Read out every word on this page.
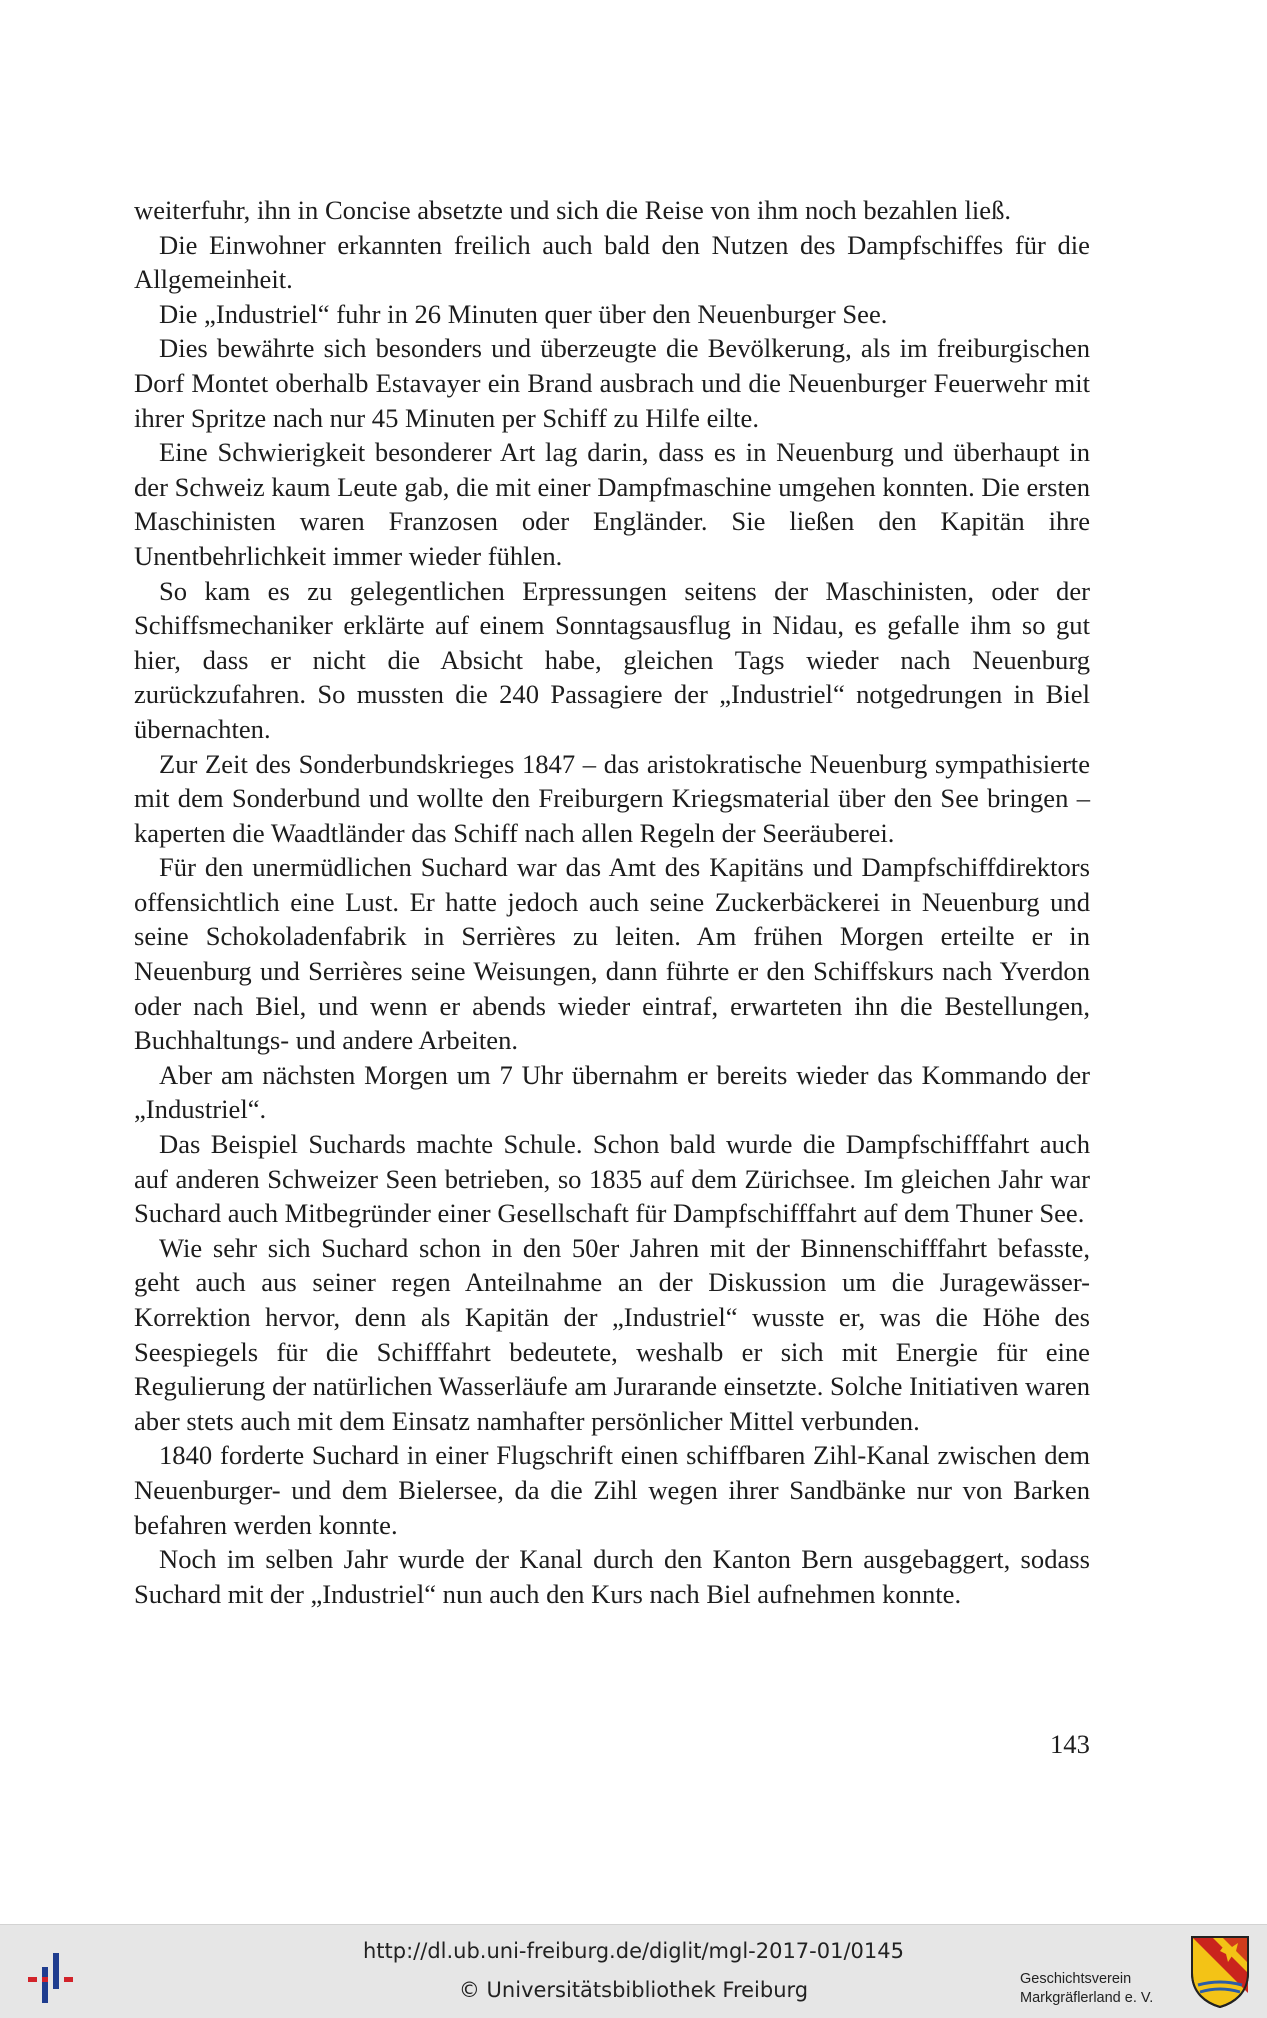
weiterfuhr, ihn in Concise absetzte und sich die Reise von ihm noch bezahlen ließ.

Die Einwohner erkannten freilich auch bald den Nutzen des Dampfschiffes für die Allgemeinheit.

Die „Industriel“ fuhr in 26 Minuten quer über den Neuenburger See.

Dies bewährte sich besonders und überzeugte die Bevölkerung, als im freiburgischen Dorf Montet oberhalb Estavayer ein Brand ausbrach und die Neuenburger Feuerwehr mit ihrer Spritze nach nur 45 Minuten per Schiff zu Hilfe eilte.

Eine Schwierigkeit besonderer Art lag darin, dass es in Neuenburg und überhaupt in der Schweiz kaum Leute gab, die mit einer Dampfmaschine umgehen konnten. Die ersten Maschinisten waren Franzosen oder Engländer. Sie ließen den Kapitän ihre Unentbehrlichkeit immer wieder fühlen.

So kam es zu gelegentlichen Erpressungen seitens der Maschinisten, oder der Schiffsmechaniker erklärte auf einem Sonntagsausflug in Nidau, es gefalle ihm so gut hier, dass er nicht die Absicht habe, gleichen Tags wieder nach Neuenburg zurückzufahren. So mussten die 240 Passagiere der „Industriel“ notgedrungen in Biel übernachten.

Zur Zeit des Sonderbundskrieges 1847 – das aristokratische Neuenburg sympathisierte mit dem Sonderbund und wollte den Freiburgern Kriegsmaterial über den See bringen – kaperten die Waadtländer das Schiff nach allen Regeln der Seeräuberei.

Für den unermüdlichen Suchard war das Amt des Kapitäns und Dampfschiffdirektors offensichtlich eine Lust. Er hatte jedoch auch seine Zuckerbäckerei in Neuenburg und seine Schokoladenfabrik in Serrières zu leiten. Am frühen Morgen erteilte er in Neuenburg und Serrières seine Weisungen, dann führte er den Schiffskurs nach Yverdon oder nach Biel, und wenn er abends wieder eintraf, erwarteten ihn die Bestellungen, Buchhaltungs- und andere Arbeiten.

Aber am nächsten Morgen um 7 Uhr übernahm er bereits wieder das Kommando der „Industriel“.

Das Beispiel Suchards machte Schule. Schon bald wurde die Dampfschifffahrt auch auf anderen Schweizer Seen betrieben, so 1835 auf dem Zürichsee. Im gleichen Jahr war Suchard auch Mitbegründer einer Gesellschaft für Dampfschifffahrt auf dem Thuner See.

Wie sehr sich Suchard schon in den 50er Jahren mit der Binnenschifffahrt befasste, geht auch aus seiner regen Anteilnahme an der Diskussion um die Juragewässer-Korrektion hervor, denn als Kapitän der „Industriel“ wusste er, was die Höhe des Seespiegels für die Schifffahrt bedeutete, weshalb er sich mit Energie für eine Regulierung der natürlichen Wasserläufe am Jurarande einsetzte. Solche Initiativen waren aber stets auch mit dem Einsatz namhafter persönlicher Mittel verbunden.

1840 forderte Suchard in einer Flugschrift einen schiffbaren Zihl-Kanal zwischen dem Neuenburger- und dem Bielersee, da die Zihl wegen ihrer Sandbänke nur von Barken befahren werden konnte.

Noch im selben Jahr wurde der Kanal durch den Kanton Bern ausgebaggert, sodass Suchard mit der „Industriel“ nun auch den Kurs nach Biel aufnehmen konnte.

143
http://dl.ub.uni-freiburg.de/diglit/mgl-2017-01/0145
© Universitätsbibliothek Freiburg	Geschichtsverein
Markgräflerland e. V.
